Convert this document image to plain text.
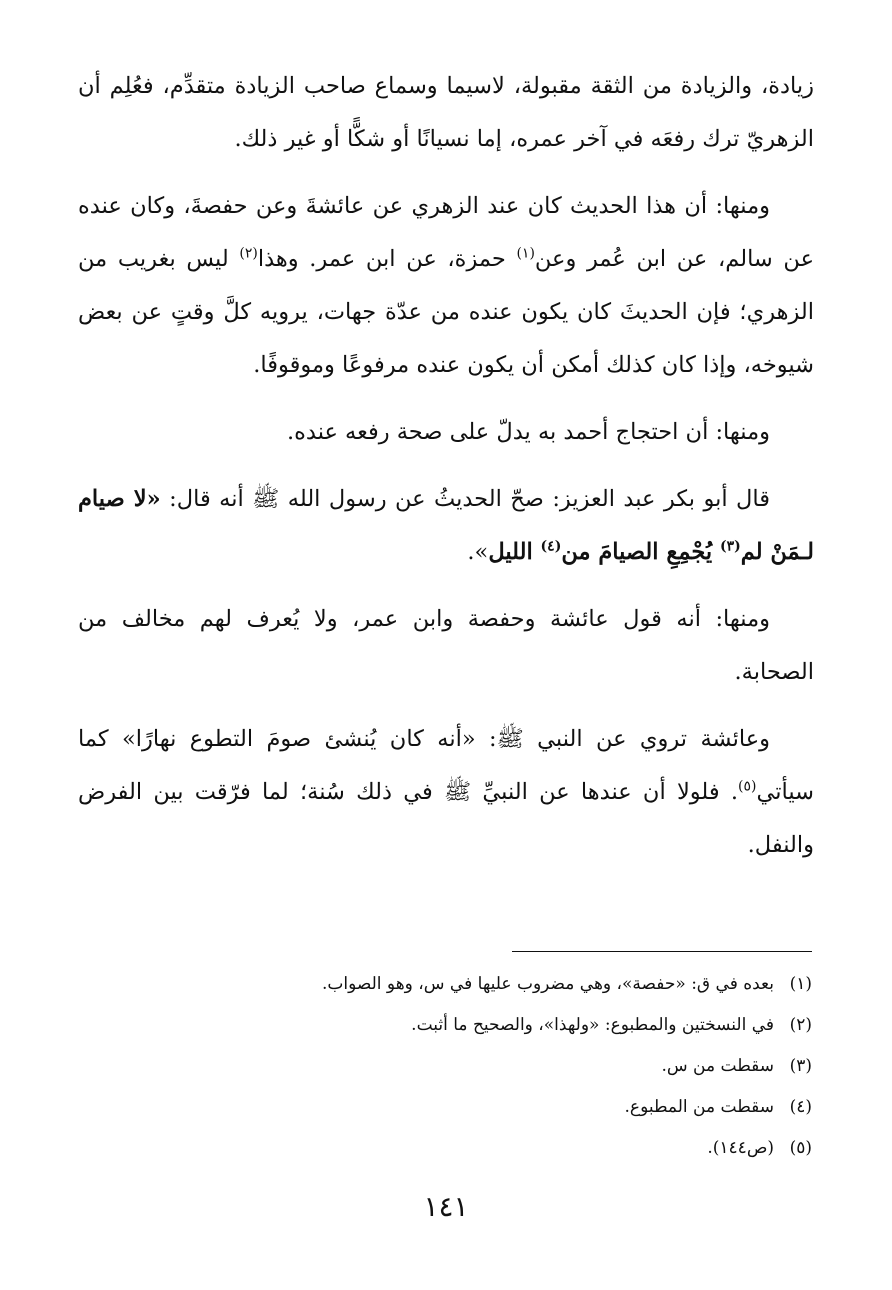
زيادة، والزيادة من الثقة مقبولة، لاسيما وسماع صاحب الزيادة متقدِّم، فعُلِم أن الزهريّ ترك رفعَه في آخر عمره، إما نسيانًا أو شكًّا أو غير ذلك.

ومنها: أن هذا الحديث كان عند الزهري عن عائشةَ وعن حفصةَ، وكان عنده عن سالم، عن ابن عُمر وعن$^{(١)}$ حمزة، عن ابن عمر. وهذا$^{(٢)}$ ليس بغريب من الزهري؛ فإن الحديثَ كان يكون عنده من عدّة جهات، يرويه كلَّ وقتٍ عن بعض شيوخه، وإذا كان كذلك أمكن أن يكون عنده مرفوعًا وموقوفًا.

ومنها: أن احتجاج أحمد به يدلّ على صحة رفعه عنده.

قال أبو بكر عبد العزيز: صحّ الحديثُ عن رسول الله ﷺ أنه قال: «لا صيام لـمَنْ لم$^{(٣)}$ يُجْمِعِ الصيامَ من$^{(٤)}$ الليل».

ومنها: أنه قول عائشة وحفصة وابن عمر، ولا يُعرف لهم مخالف من الصحابة.

وعائشة تروي عن النبي ﷺ: «أنه كان يُنشئ صومَ التطوع نهارًا» كما سيأتي$^{(٥)}$. فلولا أن عندها عن النبيِّ ﷺ في ذلك سُنة؛ لما فرّقت بين الفرض والنفل.

(١)بعده في ق: «حفصة»، وهي مضروب عليها في س، وهو الصواب.
(٢)في النسختين والمطبوع: «ولهذا»، والصحيح ما أثبت.
(٣)سقطت من س.
(٤)سقطت من المطبوع.
(٥)(ص١٤٤).
١٤١
